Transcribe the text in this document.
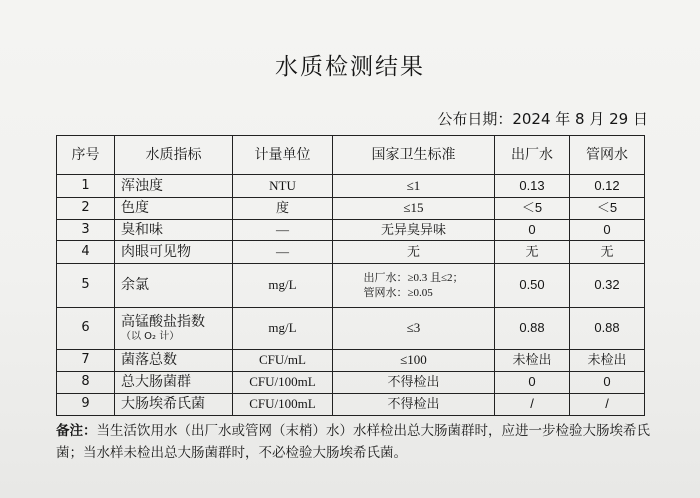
水质检测结果
公布日期：2024 年 8 月 29 日
序号	水质指标	计量单位	国家卫生标准	出厂水	管网水
1	浑浊度	NTU	≤1	0.13	0.12
2	色度	度	≤15	＜5	＜5
3	臭和味	—	无异臭异味	0	0
4	肉眼可见物	—	无	无	无
5	余氯	mg/L	出厂水：≥0.3 且≤2；
管网水：≥0.05	0.50	0.32
6	高锰酸盐指数
（以 O₂ 计）	mg/L	≤3	0.88	0.88
7	菌落总数	CFU/mL	≤100	未检出	未检出
8	总大肠菌群	CFU/100mL	不得检出	0	0
9	大肠埃希氏菌	CFU/100mL	不得检出	/	/
备注：当生活饮用水（出厂水或管网（末梢）水）水样检出总大肠菌群时，应进一步检验大肠埃希氏菌；当水样未检出总大肠菌群时，不必检验大肠埃希氏菌。
